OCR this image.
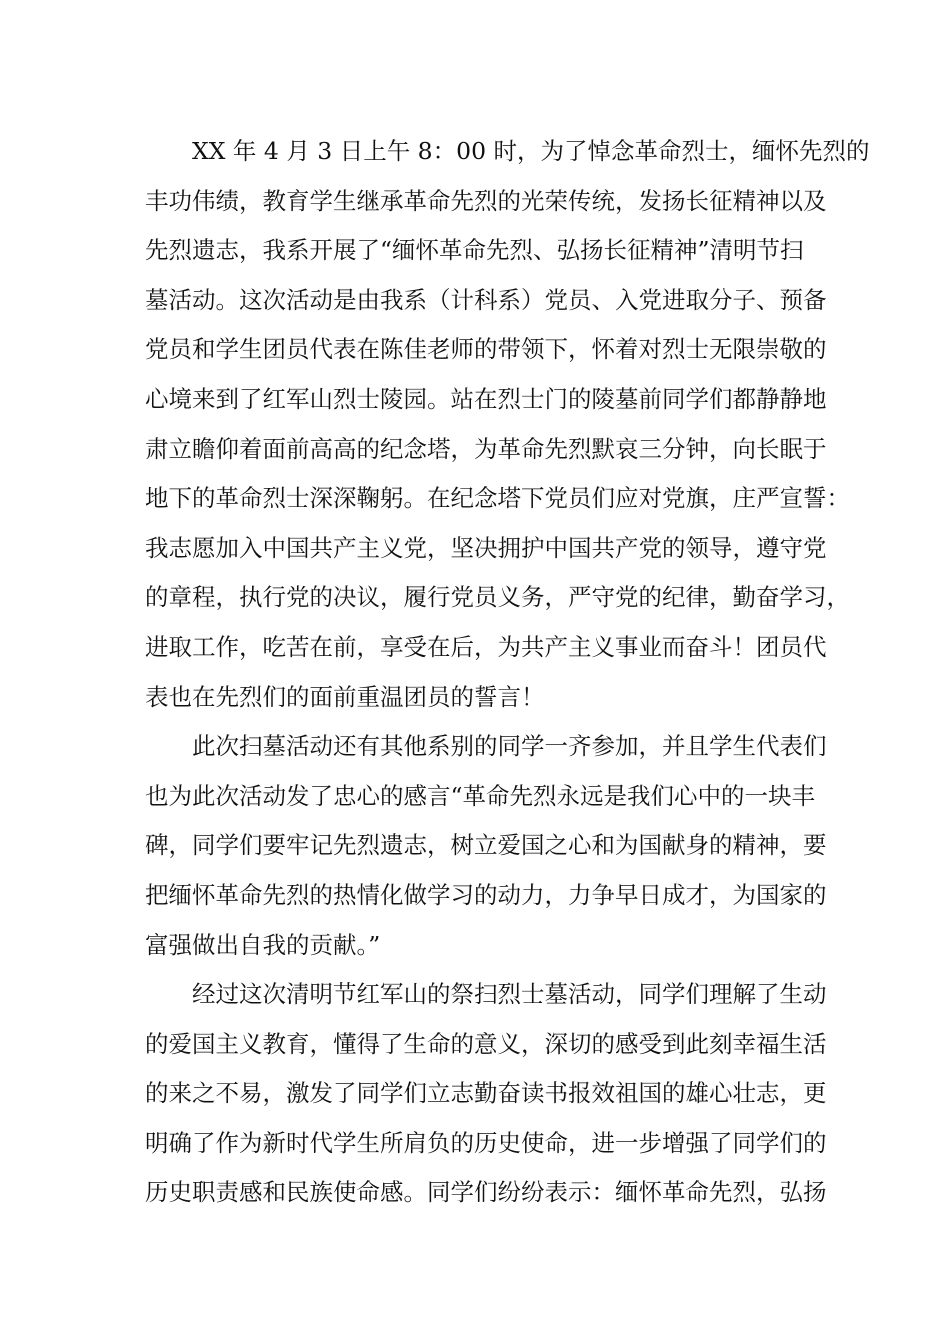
XX 年 4 月 3 日上午 8：00 时，为了悼念革命烈士，缅怀先烈的
丰功伟绩，教育学生继承革命先烈的光荣传统，发扬长征精神以及
先烈遗志，我系开展了“缅怀革命先烈、弘扬长征精神”清明节扫
墓活动。这次活动是由我系（计科系）党员、入党进取分子、预备
党员和学生团员代表在陈佳老师的带领下，怀着对烈士无限崇敬的
心境来到了红军山烈士陵园。站在烈士门的陵墓前同学们都静静地
肃立瞻仰着面前高高的纪念塔，为革命先烈默哀三分钟，向长眠于
地下的革命烈士深深鞠躬。在纪念塔下党员们应对党旗，庄严宣誓：
我志愿加入中国共产主义党，坚决拥护中国共产党的领导，遵守党
的章程，执行党的决议，履行党员义务，严守党的纪律，勤奋学习，
进取工作，吃苦在前，享受在后，为共产主义事业而奋斗！团员代
表也在先烈们的面前重温团员的誓言！
此次扫墓活动还有其他系别的同学一齐参加，并且学生代表们
也为此次活动发了忠心的感言“革命先烈永远是我们心中的一块丰
碑，同学们要牢记先烈遗志，树立爱国之心和为国献身的精神，要
把缅怀革命先烈的热情化做学习的动力，力争早日成才，为国家的
富强做出自我的贡献。”
经过这次清明节红军山的祭扫烈士墓活动，同学们理解了生动
的爱国主义教育，懂得了生命的意义，深切的感受到此刻幸福生活
的来之不易，激发了同学们立志勤奋读书报效祖国的雄心壮志，更
明确了作为新时代学生所肩负的历史使命，进一步增强了同学们的
历史职责感和民族使命感。同学们纷纷表示：缅怀革命先烈，弘扬
